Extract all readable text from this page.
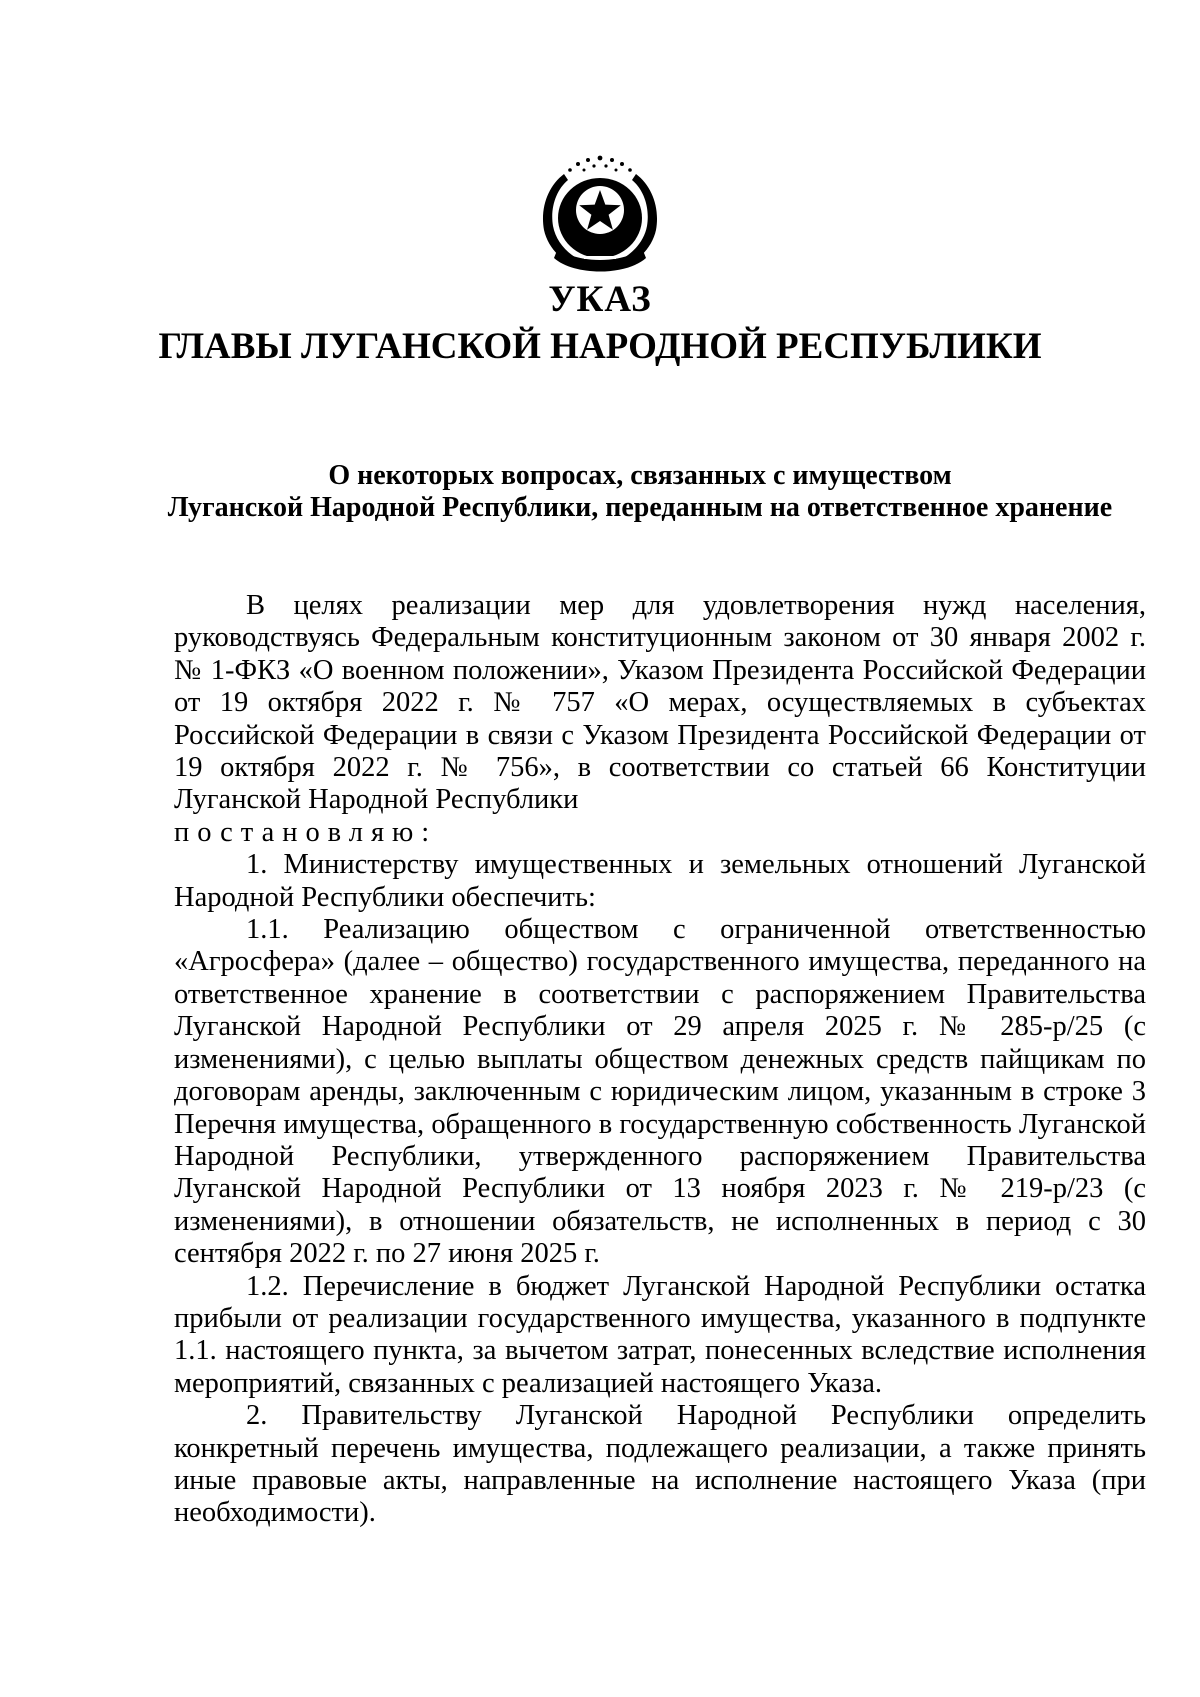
УКАЗ
ГЛАВЫ ЛУГАНСКОЙ НАРОДНОЙ РЕСПУБЛИКИ
О некоторых вопросах, связанных с имуществом
Луганской Народной Республики, переданным на ответственное хранение

В целях реализации мер для удовлетворения нужд населения, руководствуясь Федеральным конституционным законом от 30 января 2002 г. № 1-ФКЗ «О военном положении», Указом Президента Российской Федерации от 19 октября 2022 г. № 757 «О мерах, осуществляемых в субъектах Российской Федерации в связи с Указом Президента Российской Федерации от 19 октября 2022 г. № 756», в соответствии со статьей 66 Конституции Луганской Народной Республики

постановляю:

1. Министерству имущественных и земельных отношений Луганской Народной Республики обеспечить:

1.1. Реализацию обществом с ограниченной ответственностью «Агросфера» (далее – общество) государственного имущества, переданного на ответственное хранение в соответствии с распоряжением Правительства Луганской Народной Республики от 29 апреля 2025 г. № 285-р/25 (с изменениями), с целью выплаты обществом денежных средств пайщикам по договорам аренды, заключенным с юридическим лицом, указанным в строке 3 Перечня имущества, обращенного в государственную собственность Луганской Народной Республики, утвержденного распоряжением Правительства Луганской Народной Республики от 13 ноября 2023 г. № 219-р/23 (с изменениями), в отношении обязательств, не исполненных в период с 30 сентября 2022 г. по 27 июня 2025 г.

1.2. Перечисление в бюджет Луганской Народной Республики остатка прибыли от реализации государственного имущества, указанного в подпункте 1.1. настоящего пункта, за вычетом затрат, понесенных вследствие исполнения мероприятий, связанных с реализацией настоящего Указа.

2. Правительству Луганской Народной Республики определить конкретный перечень имущества, подлежащего реализации, а также принять иные правовые акты, направленные на исполнение настоящего Указа (при необходимости).
